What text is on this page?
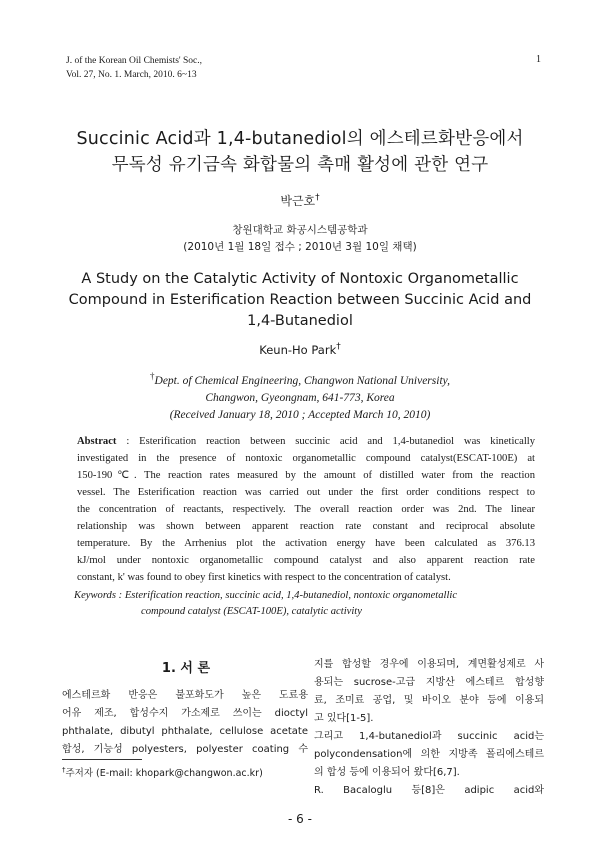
J. of the Korean Oil Chemists' Soc.,
Vol. 27, No. 1. March, 2010. 6~13
1
Succinic Acid과 1,4-butanediol의 에스테르화반응에서
무독성 유기금속 화합물의 촉매 활성에 관한 연구
박근호†
창원대학교 화공시스템공학과
(2010년 1월 18일 접수 ; 2010년 3월 10일 채택)
A Study on the Catalytic Activity of Nontoxic Organometallic
Compound in Esterification Reaction between Succinic Acid and
1,4-Butanediol
Keun-Ho Park†
†Dept. of Chemical Engineering, Changwon National University,
Changwon, Gyeongnam, 641-773, Korea
(Received January 18, 2010 ; Accepted March 10, 2010)
Abstract : Esterification reaction between succinic acid and 1,4-butanediol was kinetically
investigated in the presence of nontoxic organometallic compound catalyst(ESCAT-100E) at
150-190℃. The reaction rates measured by the amount of distilled water from the reaction
vessel. The Esterification reaction was carried out under the first order conditions respect to
the concentration of reactants, respectively. The overall reaction order was 2nd. The linear
relationship was shown between apparent reaction rate constant and reciprocal absolute
temperature. By the Arrhenius plot the activation energy have been calculated as 376.13
kJ/mol under nontoxic organometallic compound catalyst and also apparent reaction rate
constant, k' was found to obey first kinetics with respect to the concentration of catalyst.
Keywords : Esterification reaction, succinic acid, 1,4-butanediol, nontoxic organometallic
compound catalyst (ESCAT-100E), catalytic activity
1. 서 론
에스테르화 반응은 불포화도가 높은 도료용
어유 제조, 합성수지 가소제로 쓰이는 dioctyl
phthalate, dibutyl phthalate, cellulose acetate
합성, 기능성 polyesters, polyester coating 수
지를 합성할 경우에 이용되며, 계면활성제로 사
용되는 sucrose-고급 지방산 에스테르 합성향
료, 조미료 공업, 및 바이오 분야 등에 이용되
고 있다[1-5].
그리고 1,4-butanediol과 succinic acid는
polycondensation에 의한 지방족 폴리에스테르
의 합성 등에 이용되어 왔다[6,7].
R. Bacaloglu 등[8]은 adipic acid와
†주저자 (E-mail: khopark@changwon.ac.kr)
- 6 -
